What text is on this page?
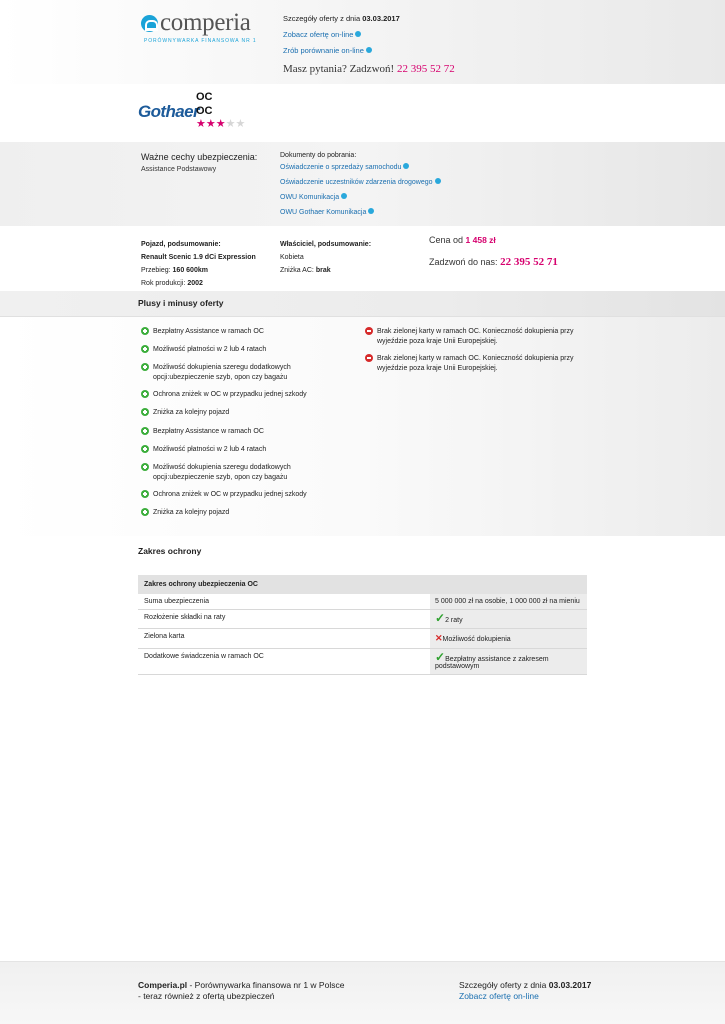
comperia
PORÓWNYWARKA FINANSOWA NR 1
Szczegóły oferty z dnia 03.03.2017
Zobacz ofertę on-line
Zrób porównanie on-line
Masz pytania? Zadzwoń! 22 395 52 72
Gothaer
OC
OC
★★★★★
Ważne cechy ubezpieczenia:
Assistance Podstawowy
Dokumenty do pobrania:
Oświadczenie o sprzedaży samochodu
Oświadczenie uczestników zdarzenia drogowego
OWU Komunikacja
OWU Gothaer Komunikacja
Pojazd, podsumowanie:
Renault Scenic 1.9 dCi Expression
Przebieg: 160 600km
Rok produkcji: 2002
Właściciel, podsumowanie:
Kobieta
Zniżka AC: brak
Cena od 1 458 zł
Zadzwoń do nas: 22 395 52 71
Plusy i minusy oferty
Bezpłatny Assistance w ramach OC
Możliwość płatności w 2 lub 4 ratach
Możliwość dokupienia szeregu dodatkowych opcji:ubezpieczenie szyb, opon czy bagażu
Ochrona zniżek w OC w przypadku jednej szkody
Zniżka za kolejny pojazd
Bezpłatny Assistance w ramach OC
Możliwość płatności w 2 lub 4 ratach
Możliwość dokupienia szeregu dodatkowych opcji:ubezpieczenie szyb, opon czy bagażu
Ochrona zniżek w OC w przypadku jednej szkody
Zniżka za kolejny pojazd
Brak zielonej karty w ramach OC. Konieczność dokupienia przy wyjeździe poza kraje Unii Europejskiej.
Brak zielonej karty w ramach OC. Konieczność dokupienia przy wyjeździe poza kraje Unii Europejskiej.
Zakres ochrony
Zakres ochrony ubezpieczenia OC	
Suma ubezpieczenia	5 000 000 zł na osobie, 1 000 000 zł na mieniu
Rozłożenie składki na raty	✓2 raty
Zielona karta	✕Możliwość dokupienia
Dodatkowe świadczenia w ramach OC	✓Bezpłatny assistance z zakresem podstawowym
Comperia.pl - Porównywarka finansowa nr 1 w Polsce
- teraz również z ofertą ubezpieczeń
Szczegóły oferty z dnia 03.03.2017
Zobacz ofertę on-line
